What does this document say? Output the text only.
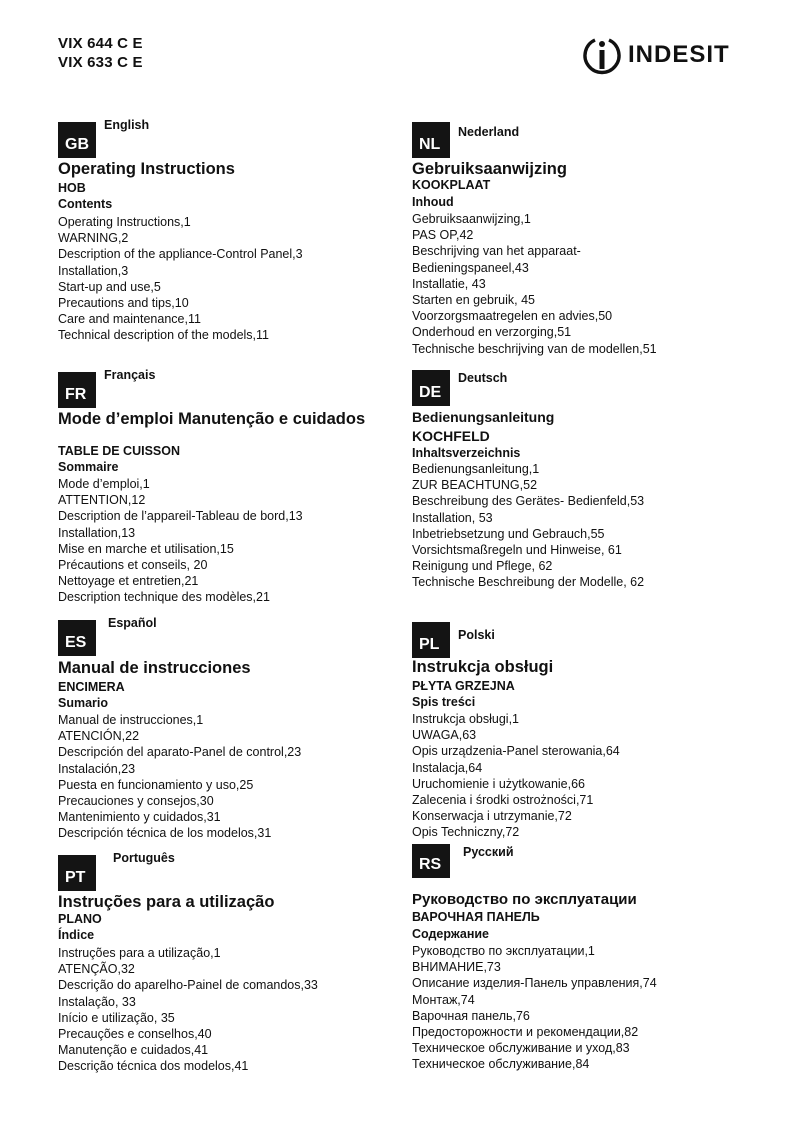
VIX 644 C E
VIX 633 C E	INDESIT
GB
English
Operating Instructions
HOB
Contents
Operating Instructions,1
WARNING,2
Description of the appliance-Control Panel,3
Installation,3
Start-up and use,5
Precautions and tips,10
Care and maintenance,11
Technical description of the models,11
NL
Nederland
Gebruiksaanwijzing
KOOKPLAAT
Inhoud
Gebruiksaanwijzing,1
PAS OP,42
Beschrijving van het apparaat-
Bedieningspaneel,43
Installatie, 43
Starten en gebruik, 45
Voorzorgsmaatregelen en advies,50
Onderhoud en verzorging,51
Technische beschrijving van de modellen,51
FR
Français
Mode d’emploi Manutenção e cuidados
TABLE DE CUISSON
Sommaire
Mode d’emploi,1
ATTENTION,12
Description de l’appareil-Tableau de bord,13
Installation,13
Mise en marche et utilisation,15
Précautions et conseils, 20
Nettoyage et entretien,21
Description technique des modèles,21
DE
Deutsch
Bedienungsanleitung
KOCHFELD
Inhaltsverzeichnis
Bedienungsanleitung,1
ZUR BEACHTUNG,52
Beschreibung des Gerätes- Bedienfeld,53
Installation, 53
Inbetriebsetzung und Gebrauch,55
Vorsichtsmaßregeln und Hinweise, 61
Reinigung und Pflege, 62
Technische Beschreibung der Modelle, 62
ES
Español
Manual de instrucciones
ENCIMERA
Sumario
Manual de instrucciones,1
ATENCIÓN,22
Descripción del aparato-Panel de control,23
Instalación,23
Puesta en funcionamiento y uso,25
Precauciones y consejos,30
Mantenimiento y cuidados,31
Descripción técnica de los modelos,31
PL
Polski
Instrukcja obsługi
PŁYTA GRZEJNA
Spis treści
Instrukcja obsługi,1
UWAGA,63
Opis urządzenia-Panel sterowania,64
Instalacja,64
Uruchomienie i użytkowanie,66
Zalecenia i środki ostrożności,71
Konserwacja i utrzymanie,72
Opis Techniczny,72
PT
Português
Instruções para a utilização
PLANO
Índice
Instruções para a utilização,1
ATENÇÃO,32
Descrição do aparelho-Painel de comandos,33
Instalação, 33
Início e utilização, 35
Precauções e conselhos,40
Manutenção e cuidados,41
Descrição técnica dos modelos,41
RS
Русский
Руководство по эксплуатации
ВАРОЧНАЯ ПАНЕЛЬ
Содержание
Руководство по эксплуатации,1
ВНИМАНИЕ,73
Описание изделия-Панель управления,74
Монтаж,74
Варочная панель,76
Предосторожности и рекомендации,82
Техническое обслуживание и уход,83
Техническое обслуживание,84
